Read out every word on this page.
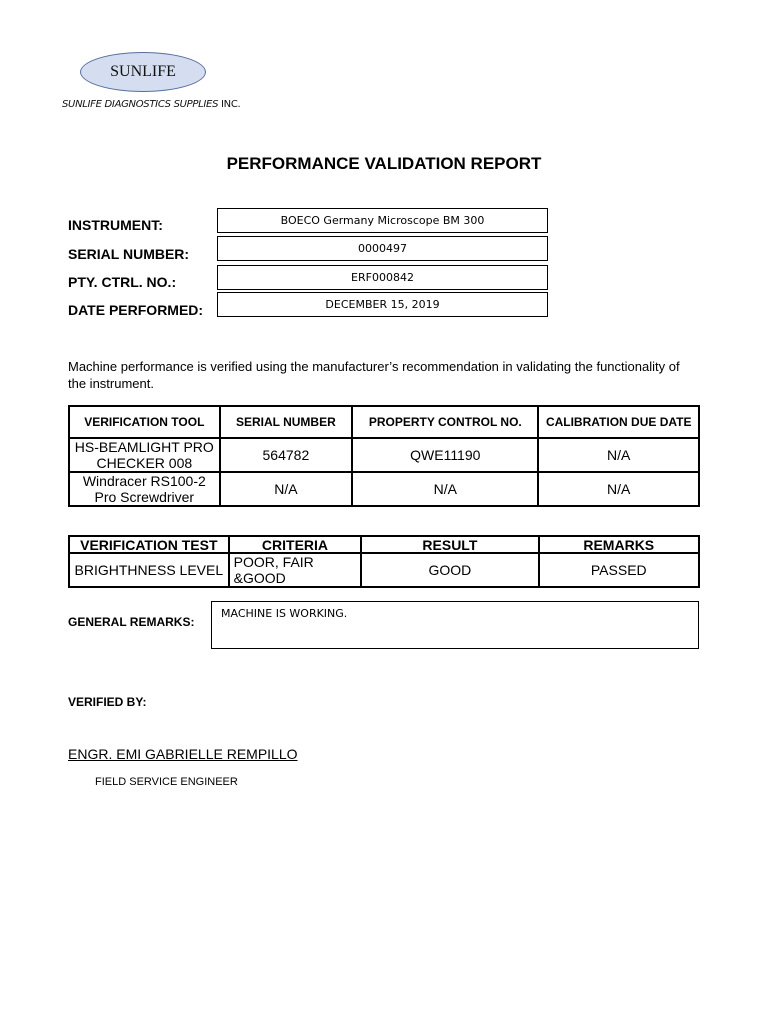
SUNLIFE
SUNLIFE DIAGNOSTICS SUPPLIES INC.
PERFORMANCE VALIDATION REPORT
INSTRUMENT:	BOECO Germany Microscope BM 300
SERIAL NUMBER:	0000497
PTY. CTRL. NO.:	ERF000842
DATE PERFORMED:	DECEMBER 15, 2019
Machine performance is verified using the manufacturer’s recommendation in validating the functionality of the instrument.
VERIFICATION TOOL	SERIAL NUMBER	PROPERTY CONTROL NO.	CALIBRATION DUE DATE
HS-BEAMLIGHT PRO CHECKER 008	564782	QWE11190	N/A
Windracer RS100-2 Pro Screwdriver	N/A	N/A	N/A
VERIFICATION TEST	CRITERIA	RESULT	REMARKS
BRIGHTHNESS LEVEL	POOR, FAIR &GOOD	GOOD	PASSED
GENERAL REMARKS:
MACHINE IS WORKING.
VERIFIED BY:
ENGR. EMI GABRIELLE REMPILLO
FIELD SERVICE ENGINEER
